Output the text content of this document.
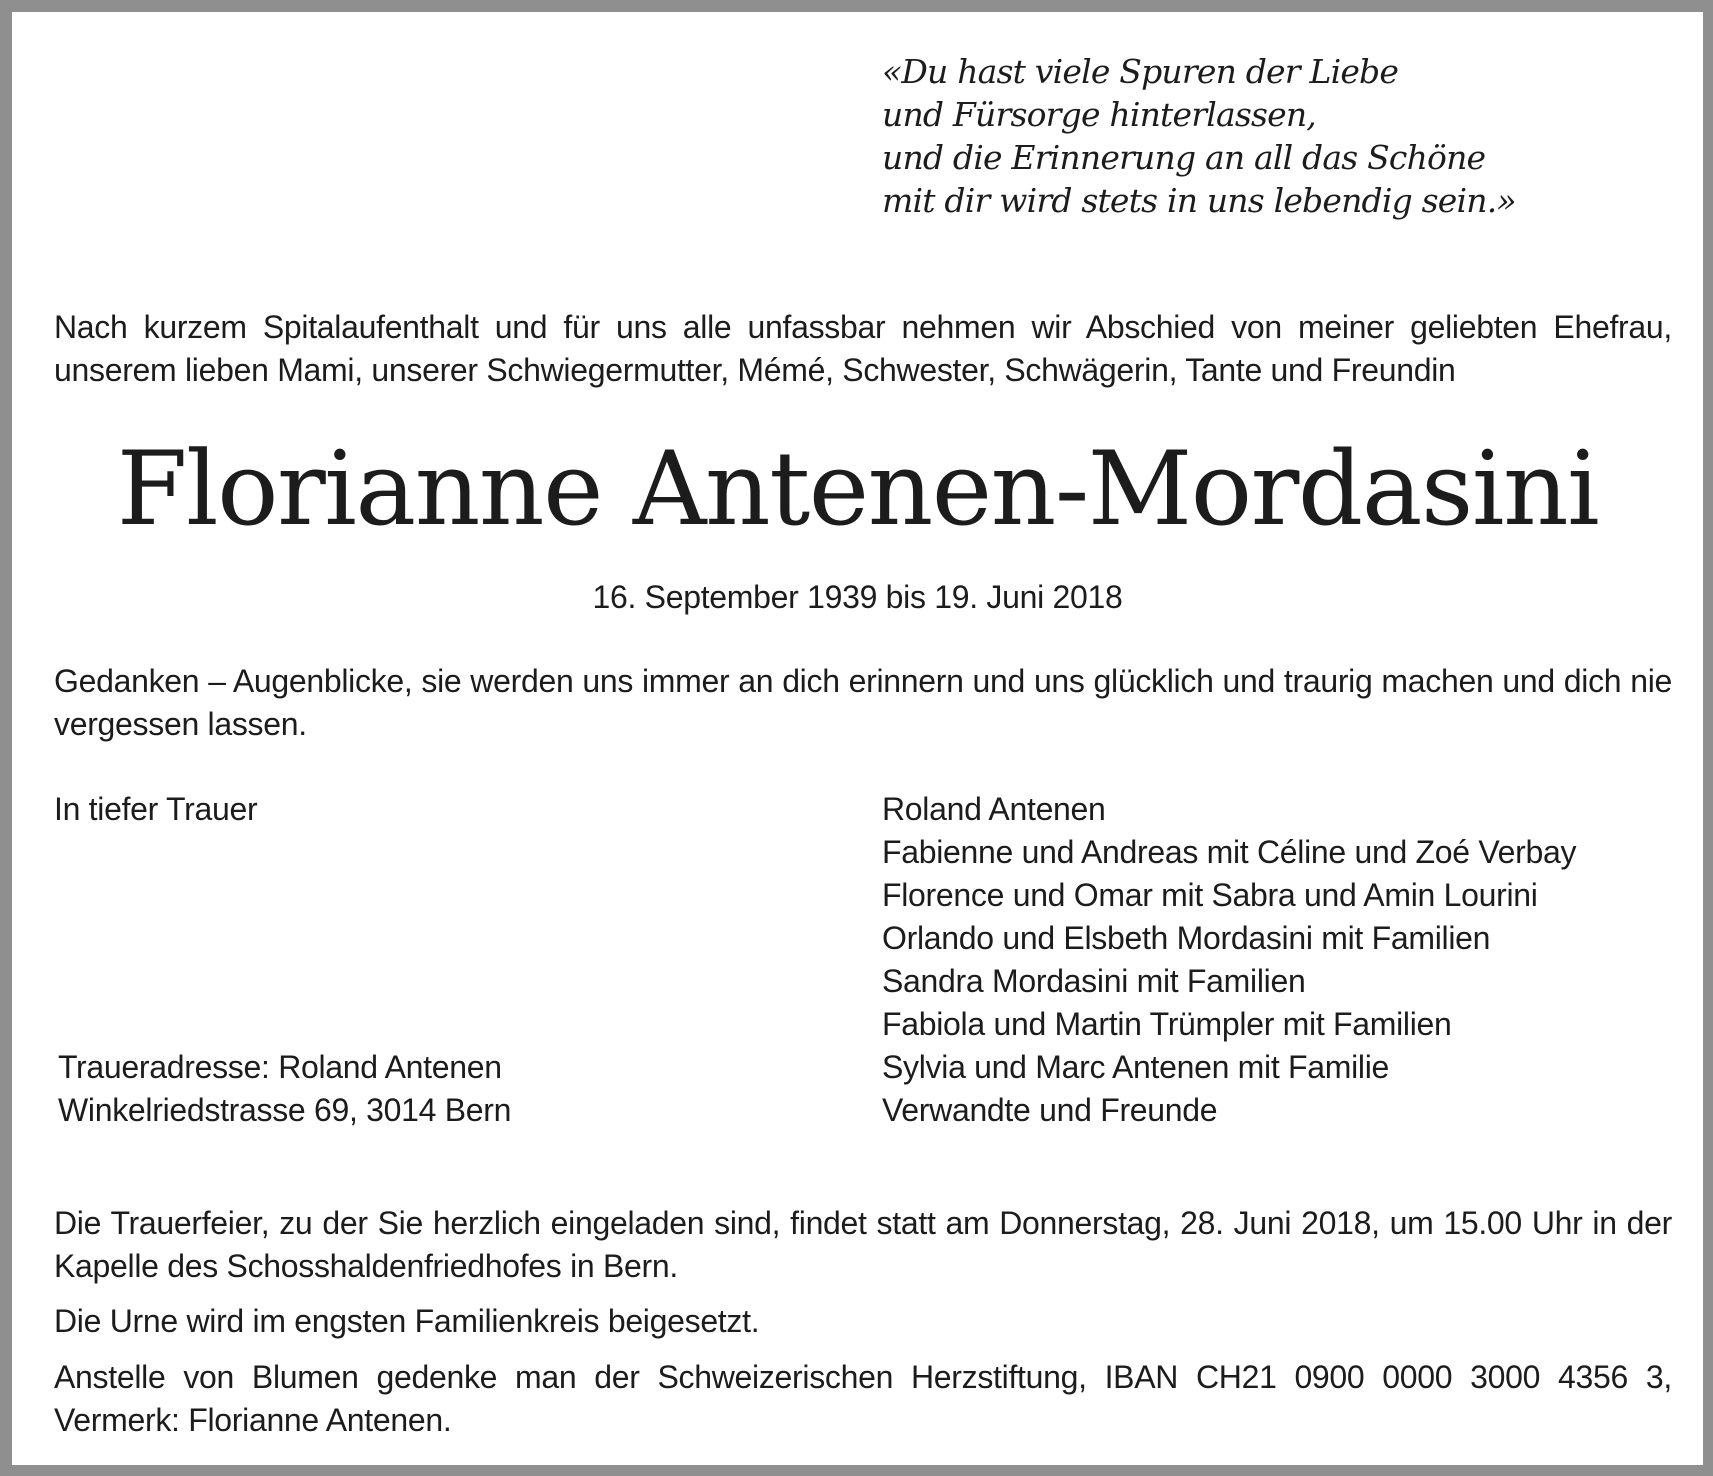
«Du hast viele Spuren der Liebe
und Fürsorge hinterlassen,
und die Erinnerung an all das Schöne
mit dir wird stets in uns lebendig sein.»
Nach kurzem Spitalaufenthalt und für uns alle unfassbar nehmen wir Abschied von meiner geliebten Ehefrau, unserem lieben Mami, unserer Schwiegermutter, Mémé, Schwester, Schwägerin, Tante und Freundin
Florianne Antenen-Mordasini
16. September 1939 bis 19. Juni 2018
Gedanken – Augenblicke, sie werden uns immer an dich erinnern und uns glücklich und traurig machen und dich nie vergessen lassen.
In tiefer Trauer	Roland Antenen
Fabienne und Andreas mit Céline und Zoé Verbay
Florence und Omar mit Sabra und Amin Lourini
Orlando und Elsbeth Mordasini mit Familien
Sandra Mordasini mit Familien
Fabiola und Martin Trümpler mit Familien
Sylvia und Marc Antenen mit Familie
Verwandte und Freunde
Traueradresse: Roland Antenen
Winkelriedstrasse 69, 3014 Bern
Die Trauerfeier, zu der Sie herzlich eingeladen sind, findet statt am Donnerstag, 28. Juni 2018, um 15.00 Uhr in der Kapelle des Schosshaldenfriedhofes in Bern.
Die Urne wird im engsten Familienkreis beigesetzt.
Anstelle von Blumen gedenke man der Schweizerischen Herzstiftung, IBAN CH21 0900 0000 3000 4356 3, Vermerk: Florianne Antenen.
